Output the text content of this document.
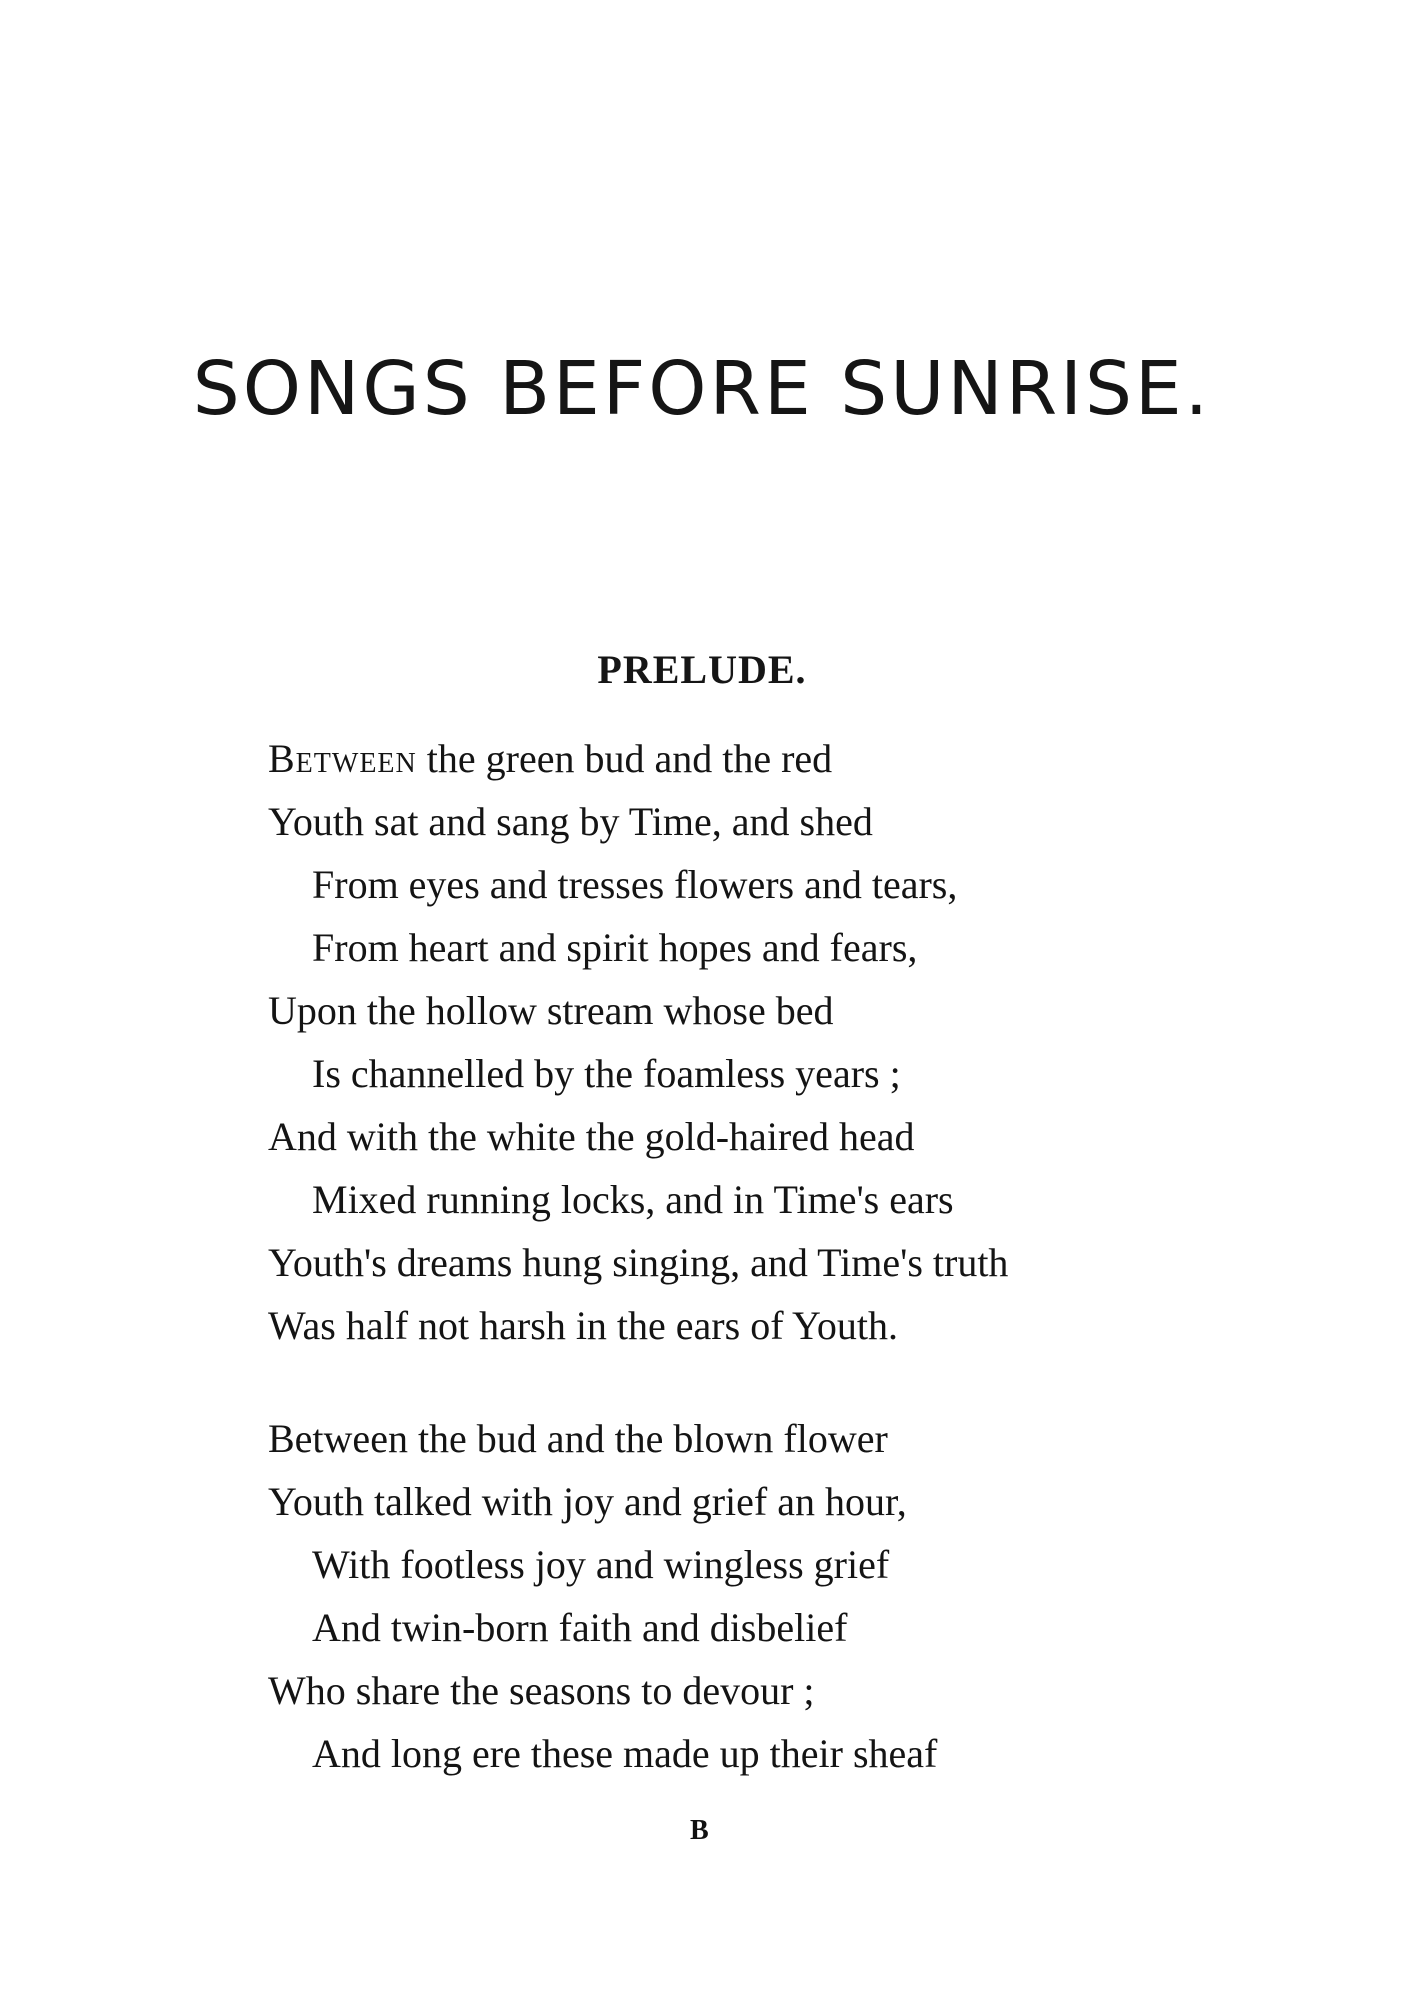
SONGS BEFORE SUNRISE.
PRELUDE.
Between the green bud and the red
Youth sat and sang by Time, and shed
From eyes and tresses flowers and tears,
From heart and spirit hopes and fears,
Upon the hollow stream whose bed
Is channelled by the foamless years ;
And with the white the gold-haired head
Mixed running locks, and in Time's ears
Youth's dreams hung singing, and Time's truth
Was half not harsh in the ears of Youth.
Between the bud and the blown flower
Youth talked with joy and grief an hour,
With footless joy and wingless grief
And twin-born faith and disbelief
Who share the seasons to devour ;
And long ere these made up their sheaf
B
